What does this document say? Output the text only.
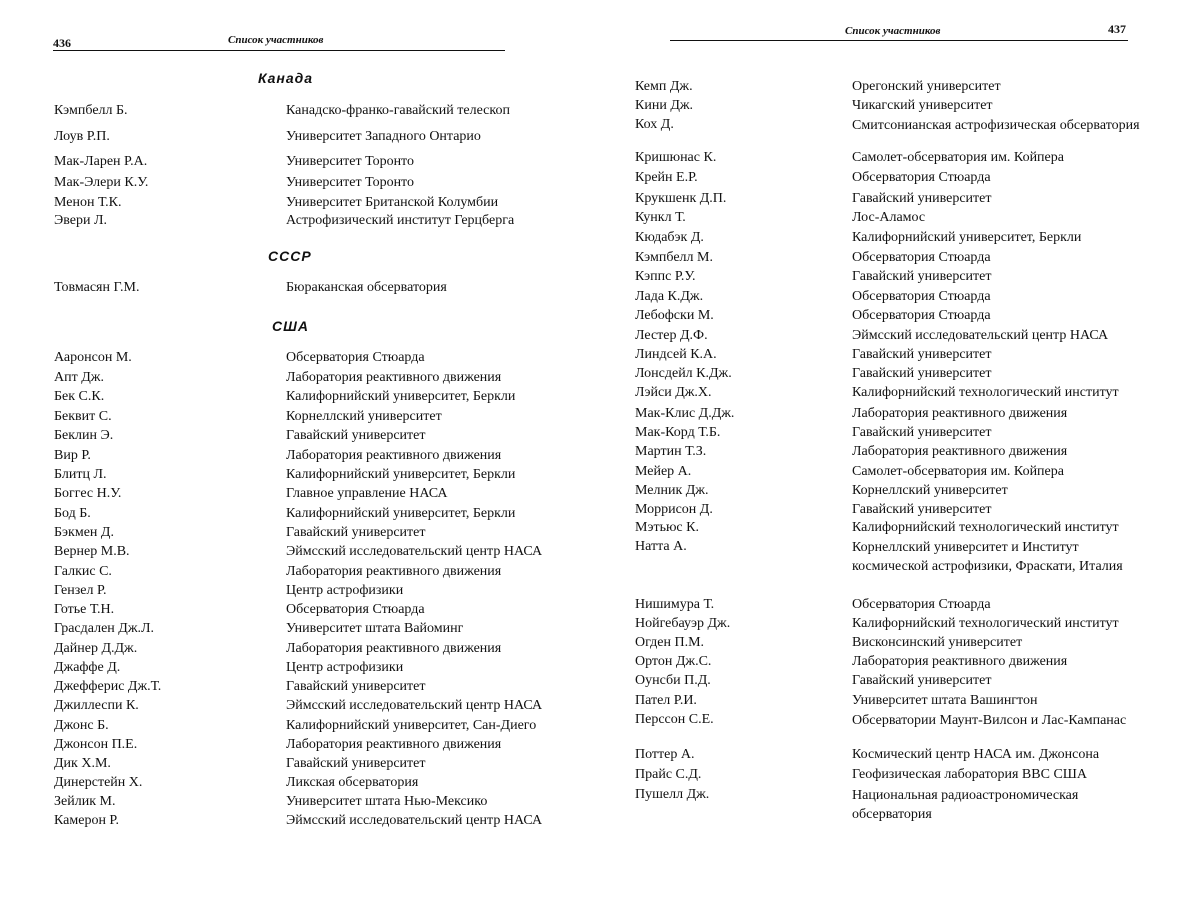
436	Список участников
Канада
Кэмпбелл Б.	Канадско-франко-гавайский телескоп
Лоув Р.П.	Университет Западного Онтарио
Мак-Ларен Р.А.	Университет Торонто
Мак-Элери К.У.	Университет Торонто
Менон Т.К.	Университет Британской Колумбии
Эвери Л.	Астрофизический институт Герцберга
СССР
Товмасян Г.М.	Бюраканская обсерватория
США
Ааронсон М.	Обсерватория Стюарда
Апт Дж.	Лаборатория реактивного движения
Бек С.К.	Калифорнийский университет, Беркли
Беквит С.	Корнеллский университет
Беклин Э.	Гавайский университет
Вир Р.	Лаборатория реактивного движения
Блитц Л.	Калифорнийский университет, Беркли
Боггес Н.У.	Главное управление НАСА
Бод Б.	Калифорнийский университет, Беркли
Бэкмен Д.	Гавайский университет
Вернер М.В.	Эймсский исследовательский центр НАСА
Галкис С.	Лаборатория реактивного движения
Гензел Р.	Центр астрофизики
Готье Т.Н.	Обсерватория Стюарда
Грасдален Дж.Л.	Университет штата Вайоминг
Дайнер Д.Дж.	Лаборатория реактивного движения
Джаффе Д.	Центр астрофизики
Джефферис Дж.Т.	Гавайский университет
Джиллеспи К.	Эймсский исследовательский центр НАСА
Джонс Б.	Калифорнийский университет, Сан-Диего
Джонсон П.Е.	Лаборатория реактивного движения
Дик Х.М.	Гавайский университет
Динерстейн Х.	Ликская обсерватория
Зейлик М.	Университет штата Нью-Мексико
Камерон Р.	Эймсский исследовательский центр НАСА
Список участников	437
Кемп Дж.	Орегонский университет
Кини Дж.	Чикагский университет
Кох Д.	Смитсонианская астрофизическая обсерватория
Кришюнас К.	Самолет-обсерватория им. Койпера
Крейн Е.Р.	Обсерватория Стюарда
Крукшенк Д.П.	Гавайский университет
Кункл Т.	Лос-Аламос
Кюдабэк Д.	Калифорнийский университет, Беркли
Кэмпбелл М.	Обсерватория Стюарда
Кэппс Р.У.	Гавайский университет
Лада К.Дж.	Обсерватория Стюарда
Лебофски М.	Обсерватория Стюарда
Лестер Д.Ф.	Эймсский исследовательский центр НАСА
Линдсей К.А.	Гавайский университет
Лонсдейл К.Дж.	Гавайский университет
Лэйси Дж.Х.	Калифорнийский технологический институт
Мак-Клис Д.Дж.	Лаборатория реактивного движения
Мак-Корд Т.Б.	Гавайский университет
Мартин Т.З.	Лаборатория реактивного движения
Мейер А.	Самолет-обсерватория им. Койпера
Мелник Дж.	Корнеллский университет
Моррисон Д.	Гавайский университет
Мэтьюс К.	Калифорнийский технологический институт
Натта А.	Корнеллский университет и Институт космической астрофизики, Фраскати, Италия
Нишимура Т.	Обсерватория Стюарда
Нойгебауэр Дж.	Калифорнийский технологический институт
Огден П.М.	Висконсинский университет
Ортон Дж.С.	Лаборатория реактивного движения
Оунсби П.Д.	Гавайский университет
Пател Р.И.	Университет штата Вашингтон
Перссон С.Е.	Обсерватории Маунт-Вилсон и Лас-Кампанас
Поттер А.	Космический центр НАСА им. Джонсона
Прайс С.Д.	Геофизическая лаборатория ВВС США
Пушелл Дж.	Национальная радиоастрономическая обсерватория
